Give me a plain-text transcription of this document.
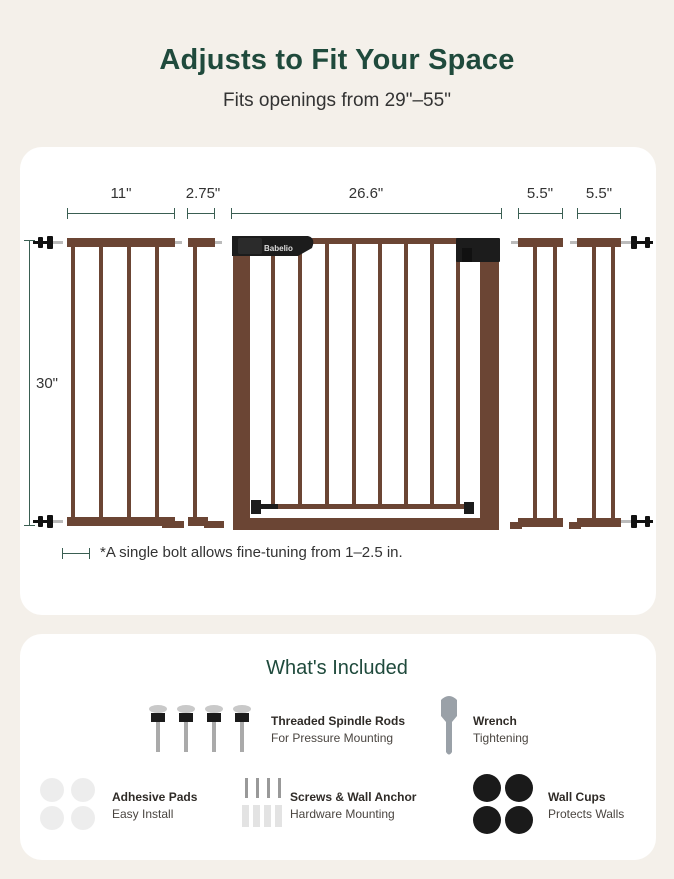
Adjusts to Fit Your Space
Fits openings from 29"–55"
11"	2.75"	26.6"	5.5"	5.5"
30"
Babelio
*A single bolt allows fine-tuning from 1–2.5 in.
What's Included
Threaded Spindle Rods
For Pressure Mounting
Wrench
Tightening
Adhesive Pads
Easy Install
Screws & Wall Anchor
Hardware Mounting
Wall Cups
Protects Walls
